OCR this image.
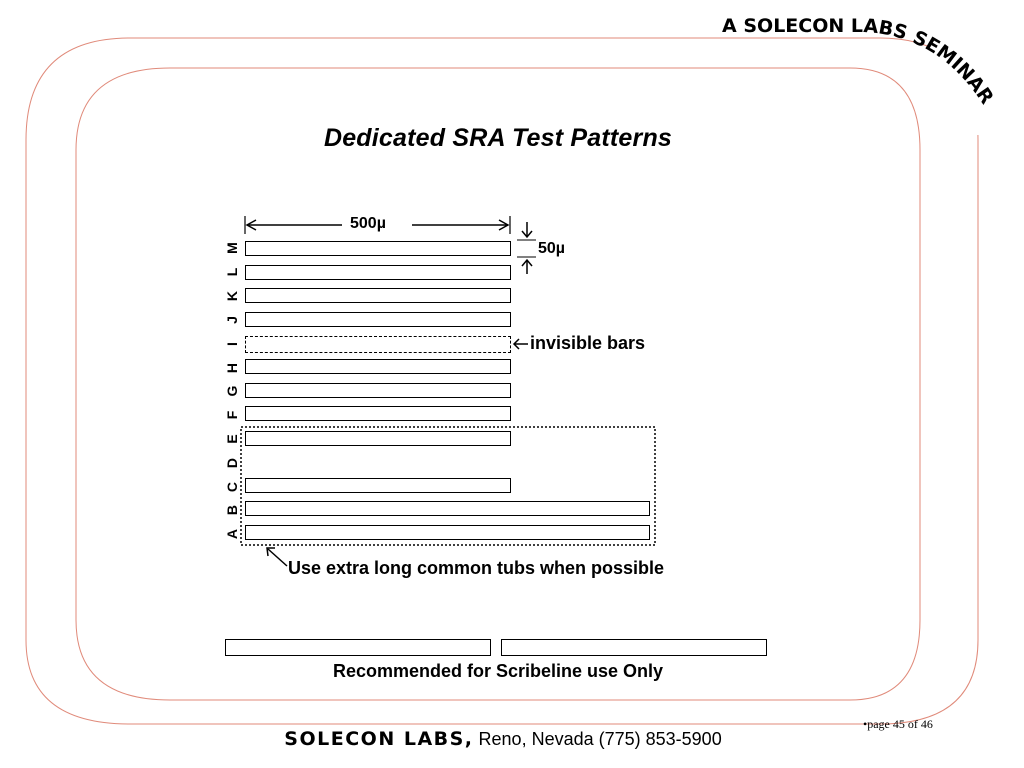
A SOLECON LABS SEMINAR
Dedicated SRA Test Patterns
500µ
50µ
M
L
K
J
I
H
G
F
E
D
C
B
A
invisible bars
Use extra long common tubs when possible
Recommended for Scribeline use Only
•page 45 of 46
SOLECON LABS, Reno, Nevada (775) 853-5900
